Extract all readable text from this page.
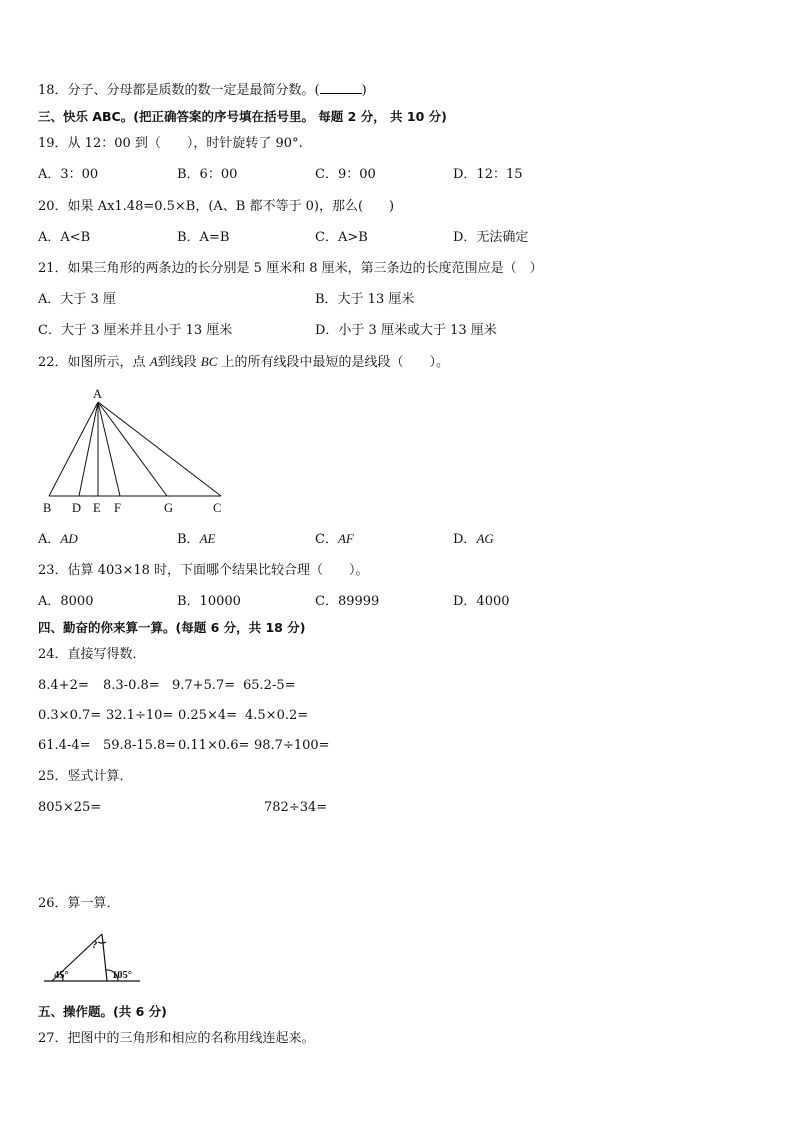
18．分子、分母都是质数的数一定是最简分数。(	)
三、快乐 ABC。(把正确答案的序号填在括号里。 每题 2 分， 共 10 分)
19．从 12：00 到（ ），时针旋转了 90°.
A．3：00	B．6：00	C．9：00	D．12：15
20．如果 Ax1.48=0.5×B，(A、B 都不等于 0)，那么( )
A．A<B	B．A=B	C．A>B	D．无法确定
21．如果三角形的两条边的长分别是 5 厘米和 8 厘米，第三条边的长度范围应是（　）
A．大于 3 厘	B．大于 13 厘米
C．大于 3 厘米并且小于 13 厘米	D．小于 3 厘米或大于 13 厘米
22．如图所示，点 A到线段 BC 上的所有线段中最短的是线段（　　）。
A
B D E F	G	C
A．AD	B．AE	C．AF	D．AG
23．估算 403×18 时，下面哪个结果比较合理（　　）。
A．8000	B．10000	C．89999	D．4000
四、勤奋的你来算一算。(每题 6 分，共 18 分)
24．直接写得数．
8.4+2= 8.3-0.8= 9.7+5.7= 65.2-5=
0.3×0.7= 32.1÷10= 0.25×4= 4.5×0.2=
61.4-4= 59.8-15.8= 0.11×0.6= 98.7÷100=
25．竖式计算．
805×25=	782÷34=
26．算一算．
45°	105°
?
五、操作题。(共 6 分)
27．把图中的三角形和相应的名称用线连起来。
